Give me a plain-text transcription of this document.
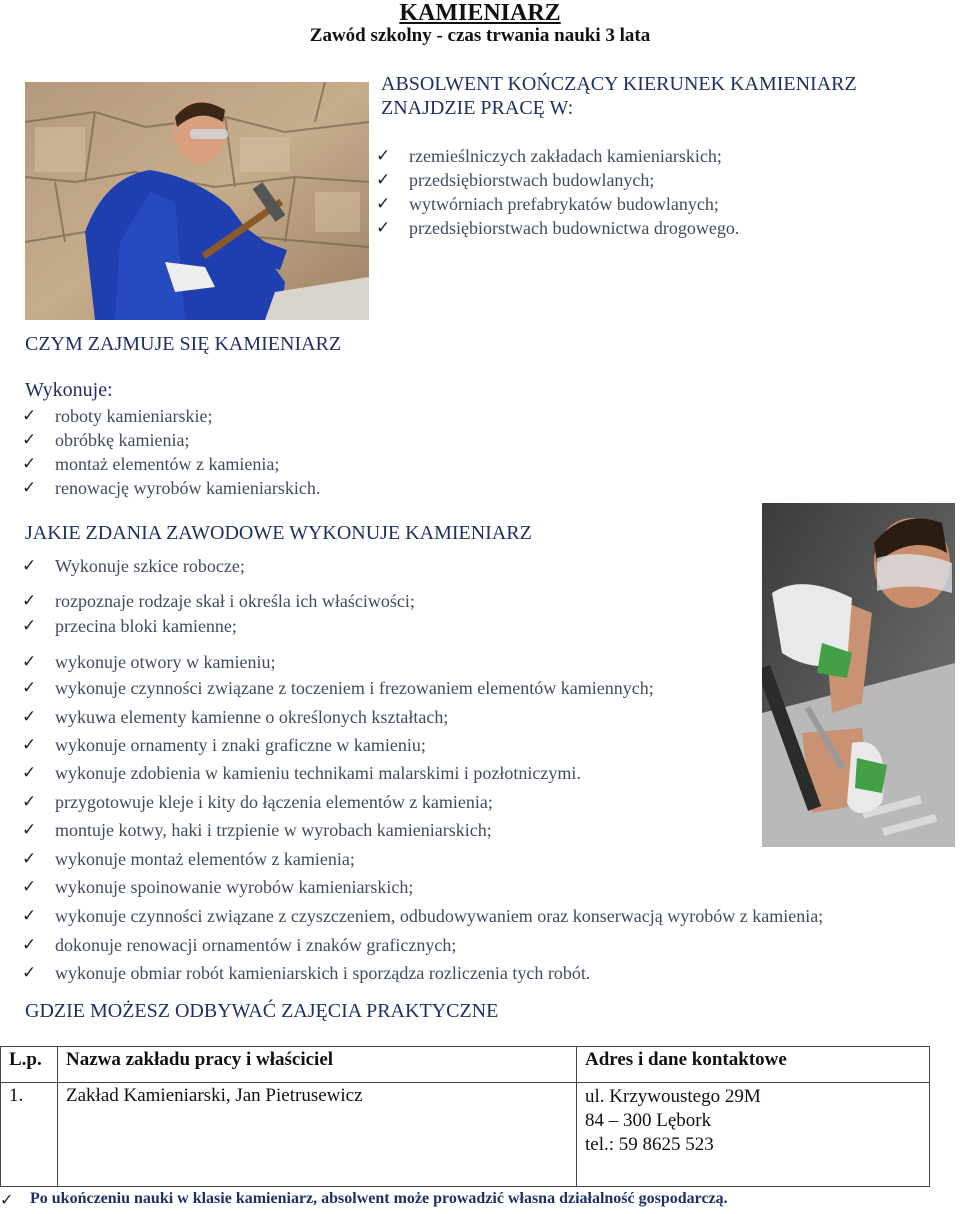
KAMIENIARZ
Zawód szkolny - czas trwania nauki 3 lata
ABSOLWENT KOŃCZĄCY KIERUNEK KAMIENIARZ
ZNAJDZIE PRACĘ W:
✓ rzemieślniczych zakładach kamieniarskich;
✓ przedsiębiorstwach budowlanych;
✓ wytwórniach prefabrykatów budowlanych;
✓ przedsiębiorstwach budownictwa drogowego.
CZYM ZAJMUJE SIĘ KAMIENIARZ
Wykonuje:
✓ roboty kamieniarskie;
✓ obróbkę kamienia;
✓ montaż elementów z kamienia;
✓ renowację wyrobów kamieniarskich.
JAKIE ZDANIA ZAWODOWE WYKONUJE KAMIENIARZ
✓ Wykonuje szkice robocze;
✓ rozpoznaje rodzaje skał i określa ich właściwości;
✓ przecina bloki kamienne;
✓ wykonuje otwory w kamieniu;
✓ wykonuje czynności związane z toczeniem i frezowaniem elementów kamiennych;
✓ wykuwa elementy kamienne o określonych kształtach;
✓ wykonuje ornamenty i znaki graficzne w kamieniu;
✓ wykonuje zdobienia w kamieniu technikami malarskimi i pozłotniczymi.
✓ przygotowuje kleje i kity do łączenia elementów z kamienia;
✓ montuje kotwy, haki i trzpienie w wyrobach kamieniarskich;
✓ wykonuje montaż elementów z kamienia;
✓ wykonuje spoinowanie wyrobów kamieniarskich;
✓ wykonuje czynności związane z czyszczeniem, odbudowywaniem oraz konserwacją wyrobów z kamienia;
✓ dokonuje renowacji ornamentów i znaków graficznych;
✓ wykonuje obmiar robót kamieniarskich i sporządza rozliczenia tych robót.
GDZIE MOŻESZ ODBYWAĆ ZAJĘCIA PRAKTYCZNE
L.p.	Nazwa zakładu pracy i właściciel	Adres i dane kontaktowe
1.	Zakład Kamieniarski, Jan Pietrusewicz	ul. Krzywoustego 29M
84 – 300 Lębork
tel.: 59 8625 523
✓ Po ukończeniu nauki w klasie kamieniarz, absolwent może prowadzić własna działalność gospodarczą.
